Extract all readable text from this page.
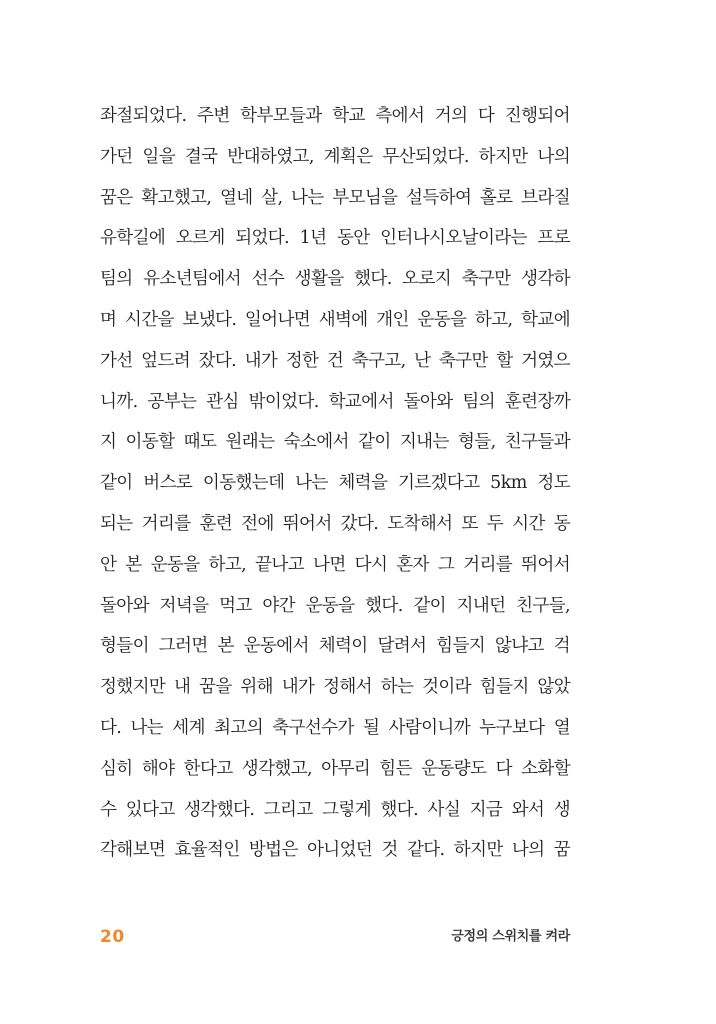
좌절되었다. 주변 학부모들과 학교 측에서 거의 다 진행되어
가던 일을 결국 반대하였고, 계획은 무산되었다. 하지만 나의
꿈은 확고했고, 열네 살, 나는 부모님을 설득하여 홀로 브라질
유학길에 오르게 되었다. 1년 동안 인터나시오날이라는 프로
팀의 유소년팀에서 선수 생활을 했다. 오로지 축구만 생각하
며 시간을 보냈다. 일어나면 새벽에 개인 운동을 하고, 학교에
가선 엎드려 잤다. 내가 정한 건 축구고, 난 축구만 할 거였으
니까. 공부는 관심 밖이었다. 학교에서 돌아와 팀의 훈련장까
지 이동할 때도 원래는 숙소에서 같이 지내는 형들, 친구들과
같이 버스로 이동했는데 나는 체력을 기르겠다고 5km 정도
되는 거리를 훈련 전에 뛰어서 갔다. 도착해서 또 두 시간 동
안 본 운동을 하고, 끝나고 나면 다시 혼자 그 거리를 뛰어서
돌아와 저녁을 먹고 야간 운동을 했다. 같이 지내던 친구들,
형들이 그러면 본 운동에서 체력이 달려서 힘들지 않냐고 걱
정했지만 내 꿈을 위해 내가 정해서 하는 것이라 힘들지 않았
다. 나는 세계 최고의 축구선수가 될 사람이니까 누구보다 열
심히 해야 한다고 생각했고, 아무리 힘든 운동량도 다 소화할
수 있다고 생각했다. 그리고 그렇게 했다. 사실 지금 와서 생
각해보면 효율적인 방법은 아니었던 것 같다. 하지만 나의 꿈
20	긍정의 스위치를 켜라
